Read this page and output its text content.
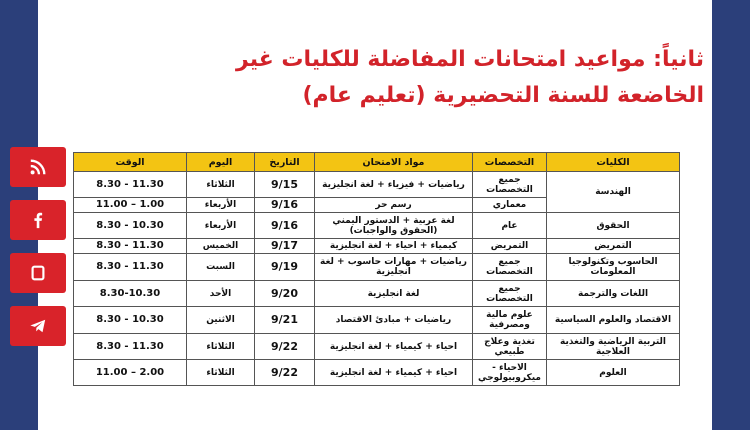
ثانياً: مواعيد امتحانات المفاضلة للكليات غير
الخاضعة للسنة التحضيرية (تعليم عام)
الكليات	التخصصات	مواد الامتحان	التاريخ	اليوم	الوقت
الهندسة	جميع التخصصات	رياضيات + فيزياء + لغة انجليزية	9/15	الثلاثاء	11.30 - 8.30
	معماري	رسم حر	9/16	الأربعاء	1.00 – 11.00
الحقوق	عام	لغة عربية + الدستور اليمني (الحقوق والواجبات)	9/16	الأربعاء	10.30 - 8.30
التمريض	التمريض	كيمياء + احياء + لغة انجليزية	9/17	الخميس	11.30 - 8.30
الحاسوب وتكنولوجيا المعلومات	جميع التخصصات	رياضيات + مهارات حاسوب + لغة انجليزية	9/19	السبت	11.30 - 8.30
اللغات والترجمة	جميع التخصصات	لغة انجليزية	9/20	الأحد	8.30-10.30
الاقتصاد والعلوم السياسية	علوم مالية ومصرفية	رياضيات + مبادئ الاقتصاد	9/21	الاثنين	10.30 - 8.30
التربية الرياضية والتغذية العلاجية	تغذية وعلاج طبيعي	احياء + كيمياء + لغة انجليزية	9/22	الثلاثاء	11.30 - 8.30
العلوم	الاحياء - ميكروبيولوجي	احياء + كيمياء + لغة انجليزية	9/22	الثلاثاء	2.00 – 11.00
